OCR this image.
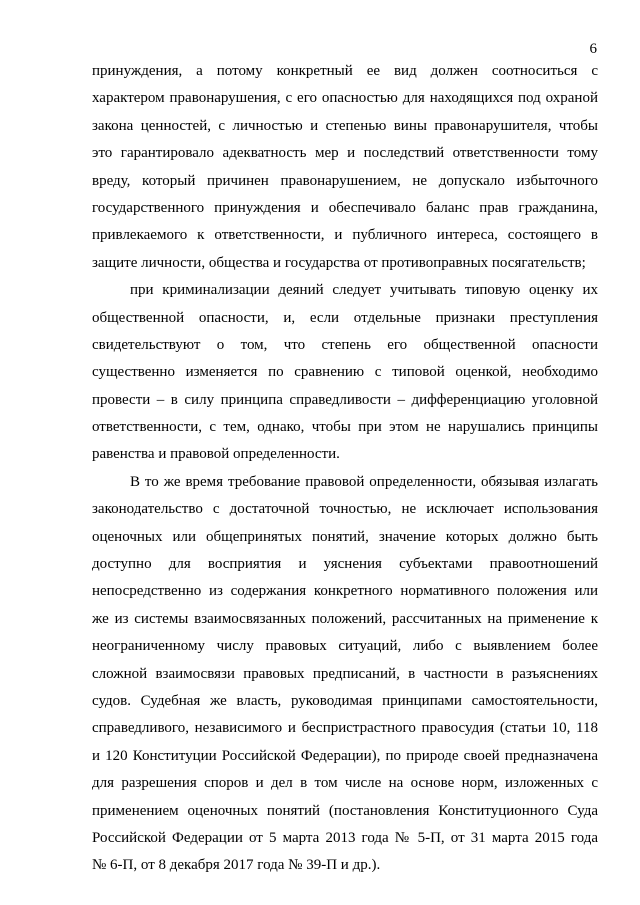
6
принуждения, а потому конкретный ее вид должен соотноситься с
характером правонарушения, с его опасностью для находящихся под охраной
закона ценностей, с личностью и степенью вины правонарушителя, чтобы
это гарантировало адекватность мер и последствий ответственности тому
вреду, который причинен правонарушением, не допускало избыточного
государственного принуждения и обеспечивало баланс прав гражданина,
привлекаемого к ответственности, и публичного интереса, состоящего в
защите личности, общества и государства от противоправных посягательств;
при криминализации деяний следует учитывать типовую оценку их
общественной опасности, и, если отдельные признаки преступления
свидетельствуют о том, что степень его общественной опасности
существенно изменяется по сравнению с типовой оценкой, необходимо
провести – в силу принципа справедливости – дифференциацию уголовной
ответственности, с тем, однако, чтобы при этом не нарушались принципы
равенства и правовой определенности.
В то же время требование правовой определенности, обязывая излагать
законодательство с достаточной точностью, не исключает использования
оценочных или общепринятых понятий, значение которых должно быть
доступно для восприятия и уяснения субъектами правоотношений
непосредственно из содержания конкретного нормативного положения или
же из системы взаимосвязанных положений, рассчитанных на применение к
неограниченному числу правовых ситуаций, либо с выявлением более
сложной взаимосвязи правовых предписаний, в частности в разъяснениях
судов. Судебная же власть, руководимая принципами самостоятельности,
справедливого, независимого и беспристрастного правосудия (статьи 10, 118
и 120 Конституции Российской Федерации), по природе своей предназначена
для разрешения споров и дел в том числе на основе норм, изложенных с
применением оценочных понятий (постановления Конституционного Суда
Российской Федерации от 5 марта 2013 года № 5-П, от 31 марта 2015 года
№ 6-П, от 8 декабря 2017 года № 39-П и др.).
